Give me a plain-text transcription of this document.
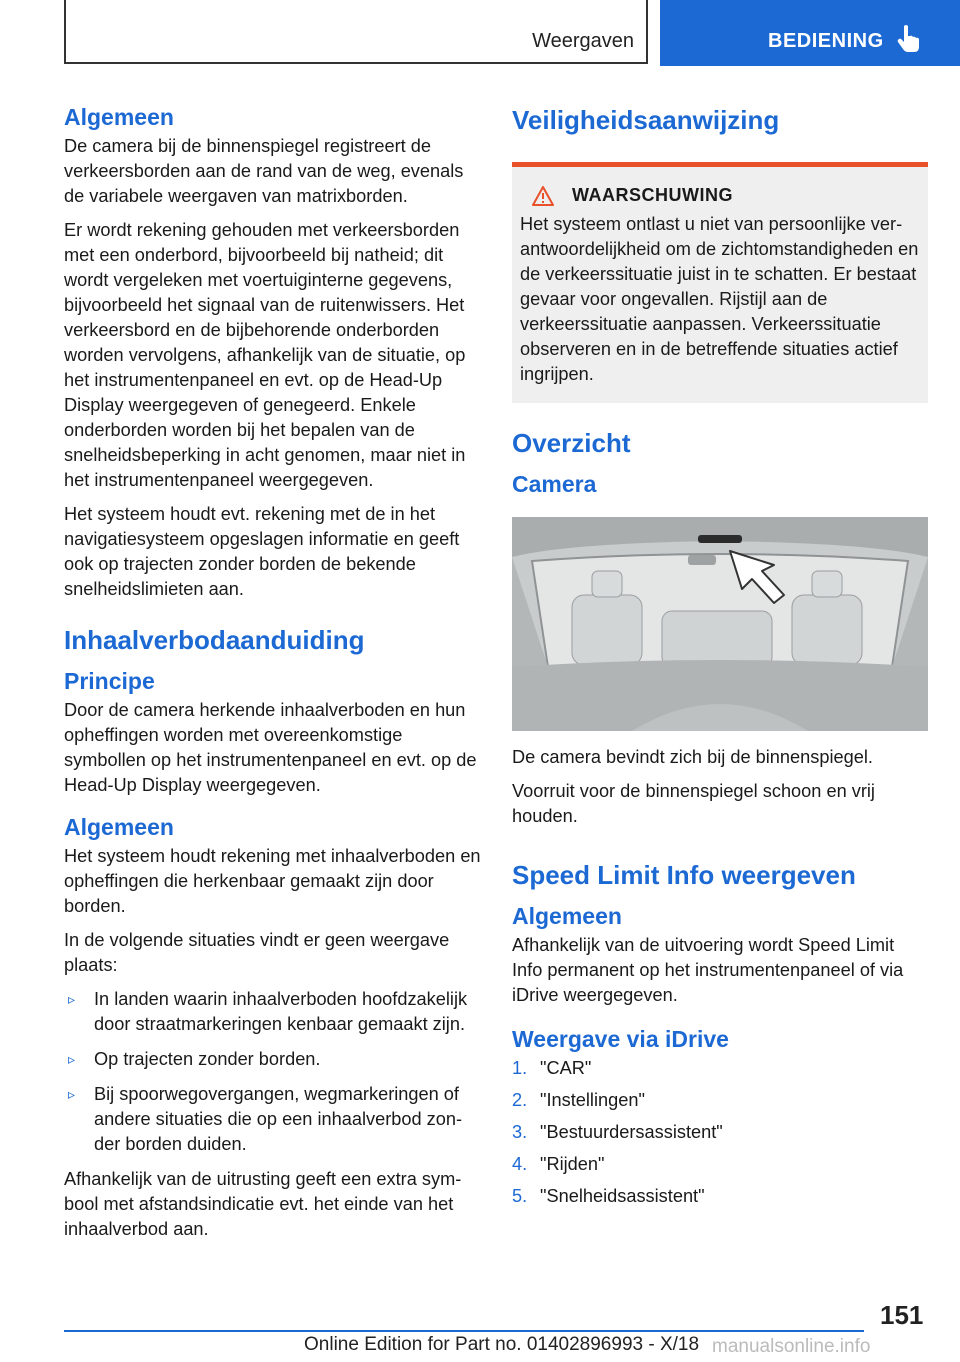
Weergaven	BEDIENING
Algemeen

De camera bij de binnenspiegel registreert de verkeersborden aan de rand van de weg, evenals de variabele weergaven van matrixborden.

Er wordt rekening gehouden met verkeersborden met een onderbord, bijvoorbeeld bij natheid; dit wordt vergeleken met voertuiginterne gegevens, bijvoorbeeld het signaal van de ruitenwissers. Het verkeersbord en de bijbehorende onderborden worden vervolgens, afhankelijk van de situatie, op het instrumentenpaneel en evt. op de Head-Up Display weergegeven of genegeerd. Enkele onderborden worden bij het bepalen van de snelheidsbeperking in acht genomen, maar niet in het instrumentenpaneel weergegeven.

Het systeem houdt evt. rekening met de in het navigatiesysteem opgeslagen informatie en geeft ook op trajecten zonder borden de bekende snelheidslimieten aan.

Inhaalverbodaanduiding
Principe

Door de camera herkende inhaalverboden en hun opheffingen worden met overeenkomstige symbollen op het instrumentenpaneel en evt. op de Head-Up Display weergegeven.

Algemeen

Het systeem houdt rekening met inhaalverboden en opheffingen die herkenbaar gemaakt zijn door borden.

In de volgende situaties vindt er geen weergave plaats:

▹ In landen waarin inhaalverboden hoofdzakelijk door straatmarkeringen kenbaar gemaakt zijn.
▹ Op trajecten zonder borden.
▹ Bij spoorwegovergangen, wegmarkeringen of andere situaties die op een inhaalverbod zonder borden duiden.

Afhankelijk van de uitrusting geeft een extra symbool met afstandsindicatie evt. het einde van het inhaalverbod aan.

Veiligheidsaanwijzing
WAARSCHUWING

Het systeem ontlast u niet van persoonlijke verantwoordelijkheid om de zichtomstandigheden en de verkeerssituatie juist in te schatten. Er bestaat gevaar voor ongevallen. Rijstijl aan de verkeerssituatie aanpassen. Verkeerssituatie observeren en in de betreffende situaties actief ingrijpen.

Overzicht
Camera

De camera bevindt zich bij de binnenspiegel.

Voorruit voor de binnenspiegel schoon en vrij houden.

Speed Limit Info weergeven
Algemeen

Afhankelijk van de uitvoering wordt Speed Limit Info permanent op het instrumentenpaneel of via iDrive weergegeven.

Weergave via iDrive
1. "CAR"
2. "Instellingen"
3. "Bestuurdersassistent"
4. "Rijden"
5. "Snelheidsassistent"
151
Online Edition for Part no. 01402896993 - X/18 manualsonline.info
